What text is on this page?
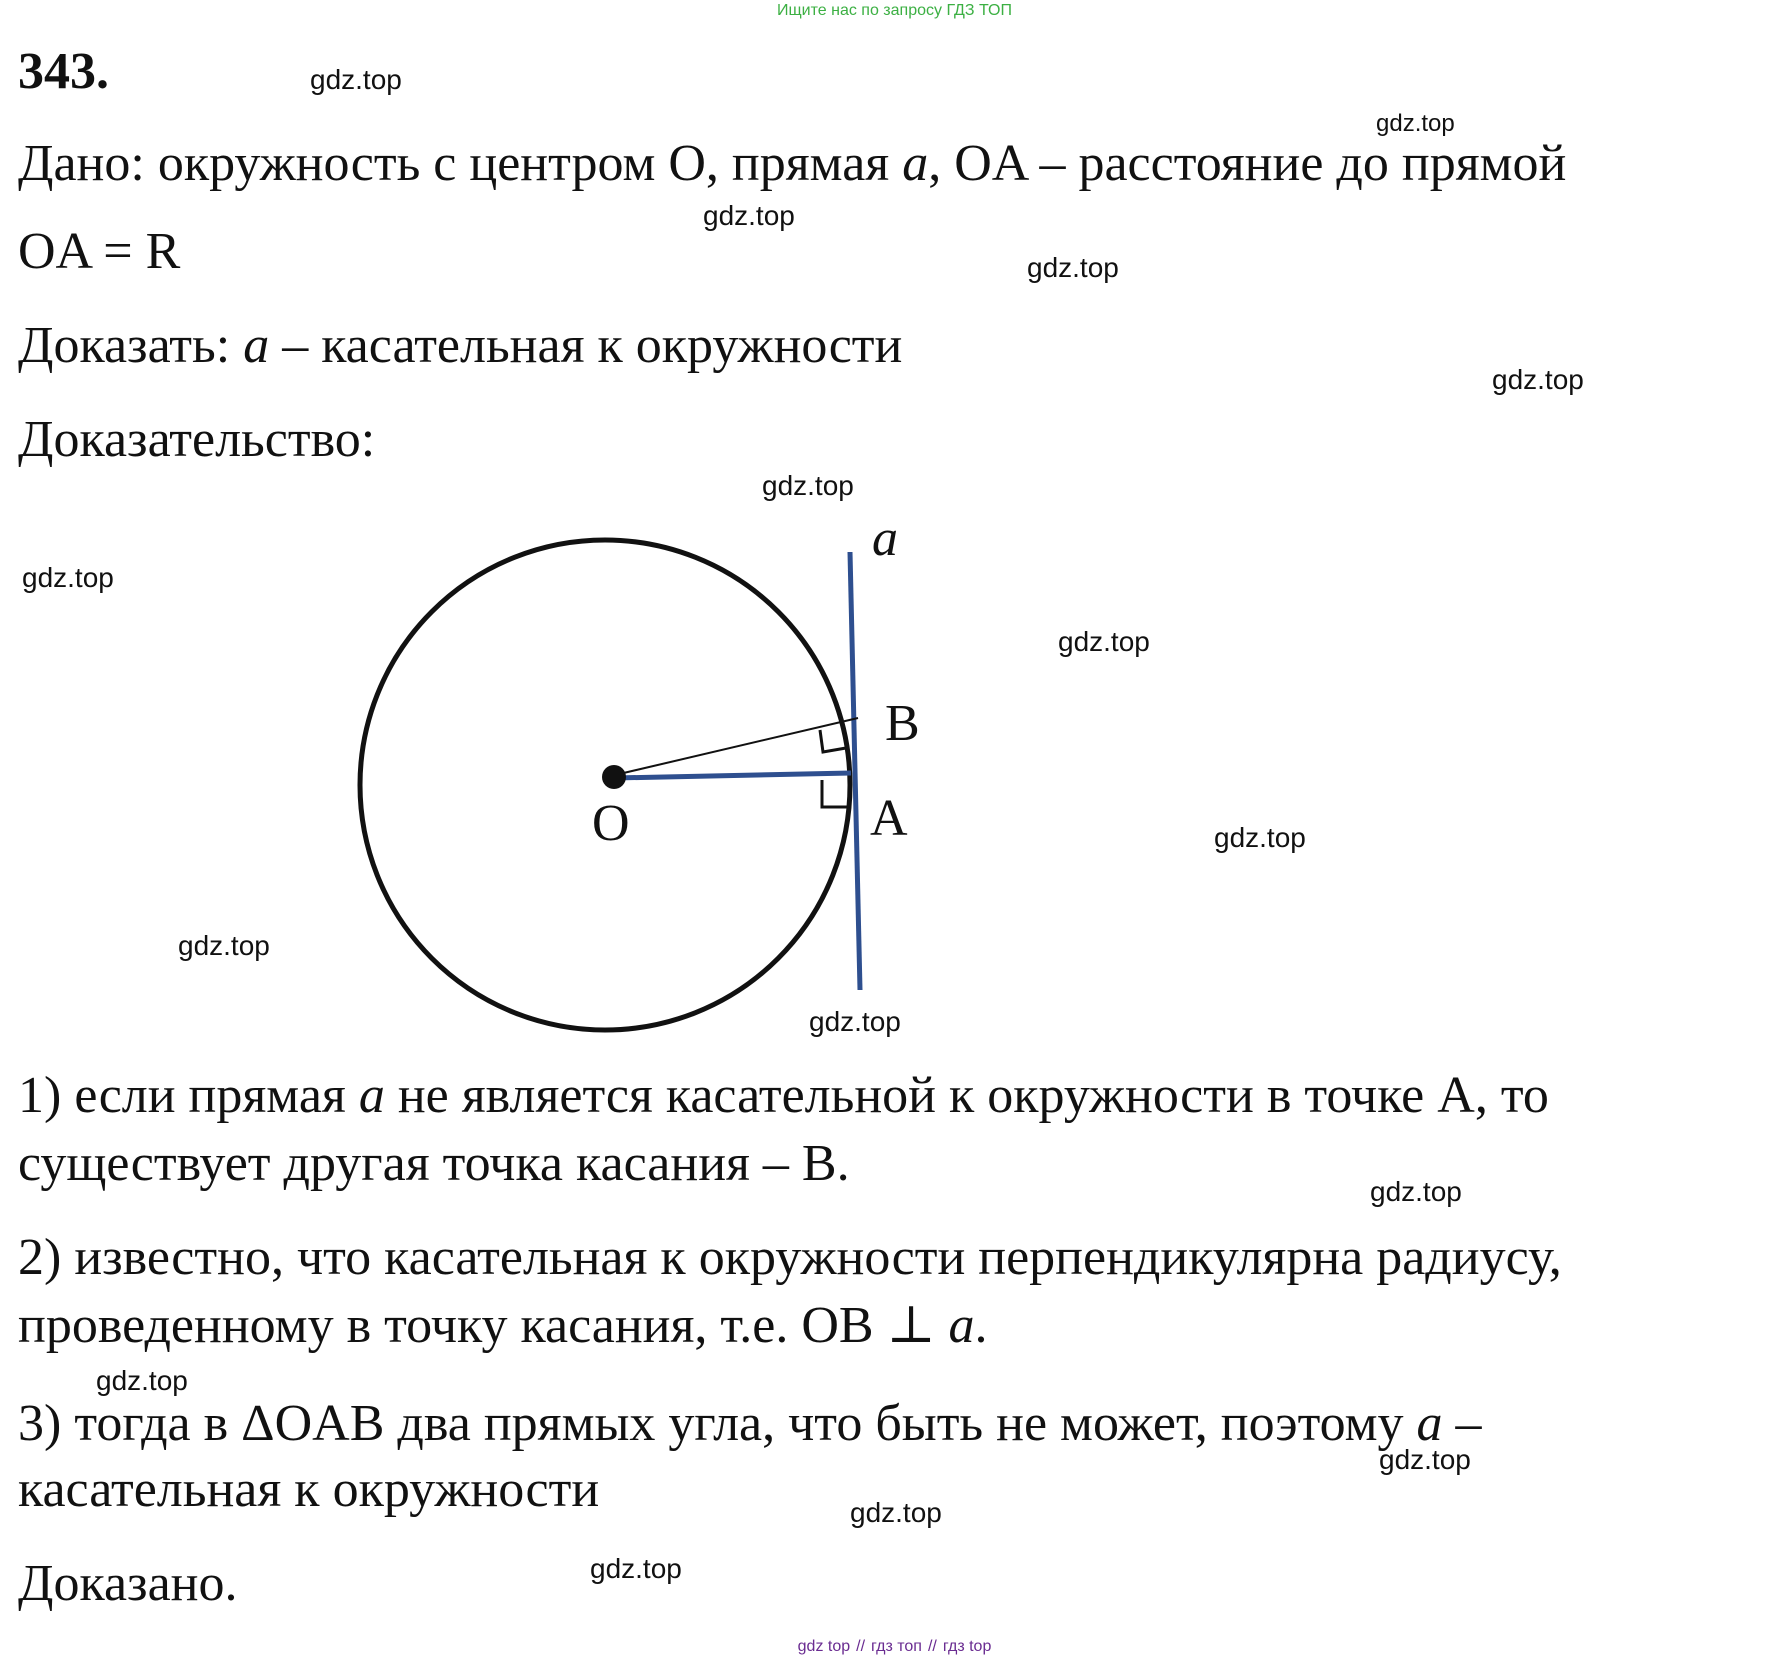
Ищите нас по запросу ГДЗ ТОП
343.
Дано: окружность с центром O, прямая a, OA – расстояние до прямой
OA = R
Доказать: a – касательная к окружности
Доказательство:
a
O	A
B
1) если прямая a не является касательной к окружности в точке A, то
существует другая точка касания – B.
2) известно, что касательная к окружности перпендикулярна радиусу,
проведенному в точку касания, т.е. OB ⊥ a.
3) тогда в ΔOAB два прямых угла, что быть не может, поэтому a –
касательная к окружности
Доказано.
gdz.top
gdz.top
gdz.top
gdz.top
gdz.top
gdz.top
gdz.top
gdz.top
gdz.top
gdz.top
gdz.top
gdz.top
gdz.top
gdz.top
gdz.top
gdz.top
gdz top // гдз топ // гдз top
